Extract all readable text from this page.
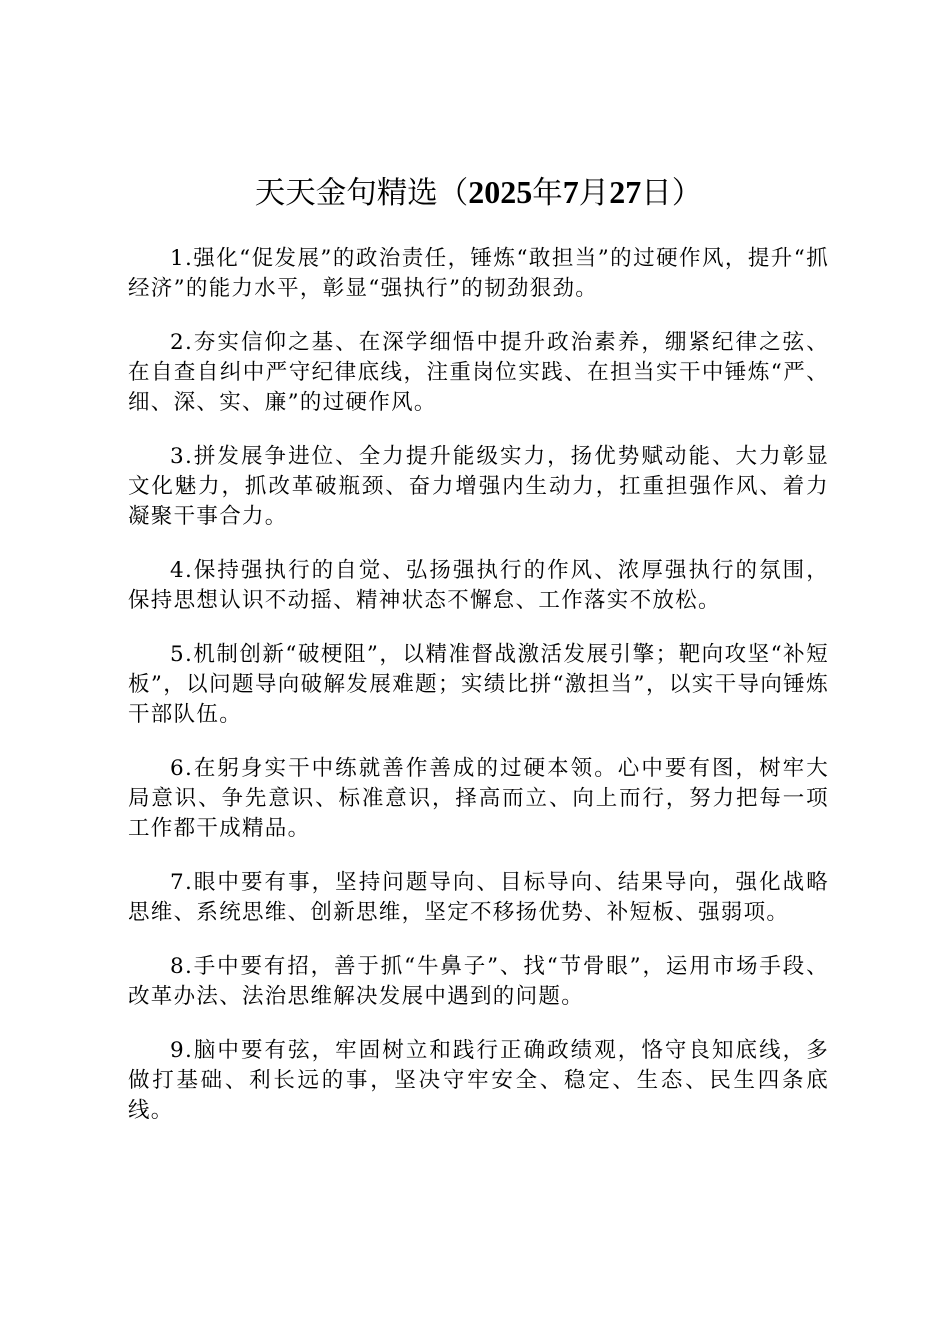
天天金句精选（2025年7月27日）

1.强化“促发展”的政治责任，锤炼“敢担当”的过硬作风，提升“抓经济”的能力水平，彰显“强执行”的韧劲狠劲。

2.夯实信仰之基、在深学细悟中提升政治素养，绷紧纪律之弦、在自查自纠中严守纪律底线，注重岗位实践、在担当实干中锤炼“严、细、深、实、廉”的过硬作风。

3.拼发展争进位、全力提升能级实力，扬优势赋动能、大力彰显文化魅力，抓改革破瓶颈、奋力增强内生动力，扛重担强作风、着力凝聚干事合力。

4.保持强执行的自觉、弘扬强执行的作风、浓厚强执行的氛围，保持思想认识不动摇、精神状态不懈怠、工作落实不放松。

5.机制创新“破梗阻”，以精准督战激活发展引擎；靶向攻坚“补短板”，以问题导向破解发展难题；实绩比拼“激担当”，以实干导向锤炼干部队伍。

6.在躬身实干中练就善作善成的过硬本领。心中要有图，树牢大局意识、争先意识、标准意识，择高而立、向上而行，努力把每一项工作都干成精品。

7.眼中要有事，坚持问题导向、目标导向、结果导向，强化战略思维、系统思维、创新思维，坚定不移扬优势、补短板、强弱项。

8.手中要有招，善于抓“牛鼻子”、找“节骨眼”，运用市场手段、改革办法、法治思维解决发展中遇到的问题。

9.脑中要有弦，牢固树立和践行正确政绩观，恪守良知底线，多做打基础、利长远的事，坚决守牢安全、稳定、生态、民生四条底线。
